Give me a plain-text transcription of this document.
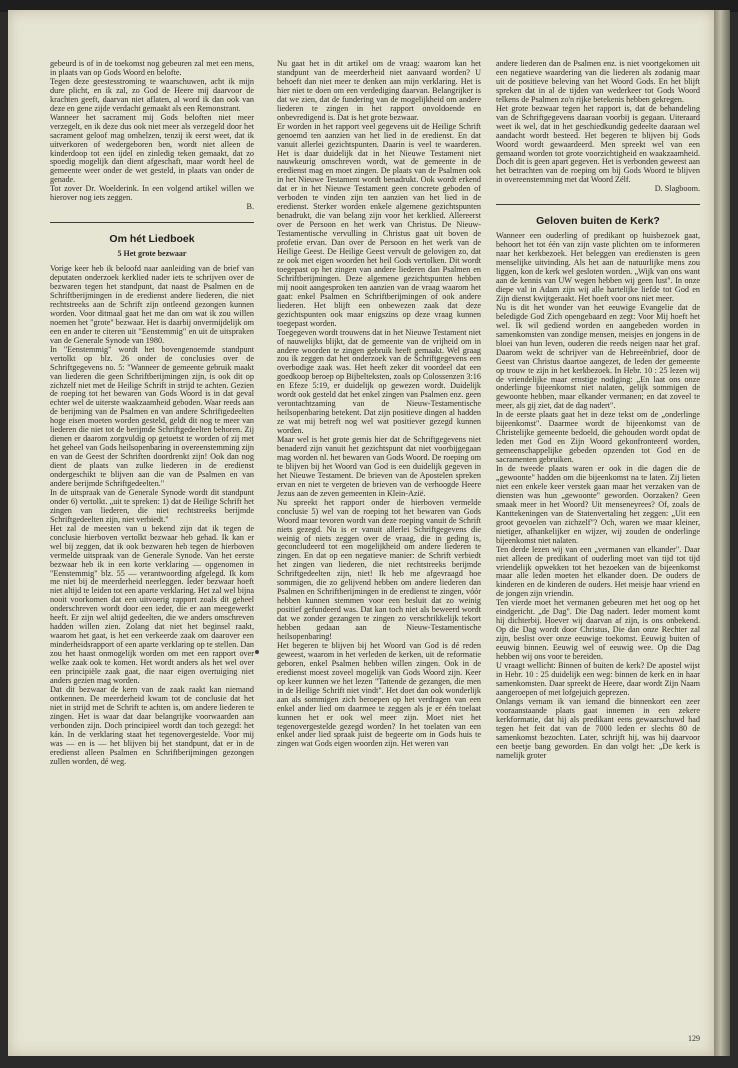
gebeurd is of in de toekomst nog gebeuren zal met een mens, in plaats van op Gods Woord en belofte.

Tegen deze geestesstroming te waarschuwen, acht ik mijn dure plicht, en ik zal, zo God de Heere mij daarvoor de krachten geeft, daarvan niet aflaten, al word ik dan ook van deze en gene zijde verdacht gemaakt als een Remonstrant.

Wanneer het sacrament mij Gods beloften niet meer verzegelt, en ik deze dus ook niet meer als verzegeld door het sacrament geloof mag omhelzen, tenzij ik eerst weet, dat ik uitverkoren of wedergeboren ben, wordt niet alleen de kinderdoop tot een ijdel en zinledig teken gemaakt, dat zo spoedig mogelijk dan dient afgeschaft, maar wordt heel de gemeente weer onder de wet gesteld, in plaats van onder de genade.

Tot zover Dr. Woelderink. In een volgend artikel willen we hierover nog iets zeggen.

B.

Om hét Liedboek
5 Het grote bezwaar

Vorige keer heb ik beloofd naar aanleiding van de brief van deputaten onderzoek kerklied nader iets te schrijven over de bezwaren tegen het standpunt, dat naast de Psalmen en de Schriftberijmingen in de eredienst andere liederen, die niet rechtstreeks aan de Schrift zijn ontleend gezongen kunnen worden. Voor ditmaal gaat het me dan om wat ik zou willen noemen het "grote" bezwaar. Het is daarbij onvermijdelijk om een en ander te citeren uit "Eenstemmig" en uit de uitspraken van de Generale Synode van 1980.

In "Eenstemmig" wordt het bovengenoemde standpunt vertolkt op blz. 26 onder de conclusies over de Schriftgegevens no. 5: "Wanneer de gemeente gebruik maakt van liederen die geen Schriftberijmingen zijn, is ook dit op zichzelf niet met de Heilige Schrift in strijd te achten. Gezien de roeping tot het bewaren van Gods Woord is in dat geval echter wel de uiterste waakzaamheid geboden. Waar reeds aan de berijming van de Psalmen en van andere Schriftgedeelten hoge eisen moeten worden gesteld, geldt dit nog te meer van liederen die niet tot de berijmde Schriftgedeelten behoren. Zij dienen er daarom zorgvuldig op getoetst te worden of zij met het geheel van Gods heilsopenbaring in overeenstemming zijn en van de Geest der Schriften doordrenkt zijn! Ook dan nog dient de plaats van zulke liederen in de eredienst ondergeschikt te blijven aan die van de Psalmen en van andere berijmde Schriftgedeelten."

In de uitspraak van de Generale Synode wordt dit standpunt onder 6) vertolkt. „uit te spreken: 1) dat de Heilige Schrift het zingen van liederen, die niet rechtstreeks berijmde Schriftgedeelten zijn, niet verbiedt."

Het zal de meesten van u bekend zijn dat ik tegen de conclusie hierboven vertolkt bezwaar heb gehad. Ik kan er wel bij zeggen, dat ik ook bezwaren heb tegen de hierboven vermelde uitspraak van de Generale Synode. Van het eerste bezwaar heb ik in een korte verklaring — opgenomen in "Eenstemmig" blz. 55 — verantwoording afgelegd. Ik kom me niet bij de meerderheid neerleggen. Ieder bezwaar hoeft niet altijd te leiden tot een aparte verklaring. Het zal wel bijna nooit voorkomen dat een uitvoerig rapport zoals dit geheel onderschreven wordt door een ieder, die er aan meegewerkt heeft. Er zijn wel altijd gedeelten, die we anders omschreven hadden willen zien. Zolang dat niet het beginsel raakt, waarom het gaat, is het een verkeerde zaak om daarover een minderheidsrapport of een aparte verklaring op te stellen. Dan zou het haast onmogelijk worden om met een rapport over welke zaak ook te komen. Het wordt anders als het wel over een principiële zaak gaat, die naar eigen overtuiging niet anders gezien mag worden.

Dat dit bezwaar de kern van de zaak raakt kan niemand ontkennen. De meerderheid kwam tot de conclusie dat het niet in strijd met de Schrift te achten is, om andere liederen te zingen. Het is waar dat daar belangrijke voorwaarden aan verbonden zijn. Doch principieel wordt dan toch gezegd: het kán. In de verklaring staat het tegenovergestelde. Voor mij was — en is — het blijven bij het standpunt, dat er in de eredienst alleen Psalmen en Schriftberijmingen gezongen zullen worden, dé weg.

Nu gaat het in dit artikel om de vraag: waarom kan het standpunt van de meerderheid niet aanvaard worden? U behoeft dan niet meer te denken aan mijn verklaring. Het is hier niet te doen om een verdediging daarvan. Belangrijker is dat we zien, dat de fundering van de mogelijkheid om andere liederen te zingen in het rapport onvoldoende en onbevredigend is. Dat is het grote bezwaar.

Er worden in het rapport veel gegevens uit de Heilige Schrift genoemd ten aanzien van het lied in de eredienst. En dat vanuit allerlei gezichtspunten. Daarin is veel te waarderen. Het is daar duidelijk dat in het Nieuwe Testament niet nauwkeurig omschreven wordt, wat de gemeente in de eredienst mag en moet zingen. De plaats van de Psalmen ook in het Nieuwe Testament wordt benadrukt. Ook wordt erkend dat er in het Nieuwe Testament geen concrete geboden of verboden te vinden zijn ten aanzien van het lied in de eredienst. Sterker worden enkele algemene gezichtspunten benadrukt, die van belang zijn voor het kerklied. Allereerst over de Persoon en het werk van Christus. De Nieuw-Testamentische vervulling in Christus gaat uit boven de profetie ervan. Dan over de Persoon en het werk van de Heilige Geest. De Heilige Geest vervult de gelovigen zo, dat ze ook met eigen woorden het heil Gods vertolken. Dit wordt toegepast op het zingen van andere liederen dan Psalmen en Schriftberijmingen. Deze algemene gezichtspunten hebben mij nooit aangesproken ten aanzien van de vraag waarom het gaat: enkel Psalmen en Schriftberijmingen of ook andere liederen. Het blijft een onbewezen zaak dat deze gezichtspunten ook maar enigszins op deze vraag kunnen toegepast worden.

Toegegeven wordt trouwens dat in het Nieuwe Testament niet of nauwelijks blijkt, dat de gemeente van de vrijheid om in andere woorden te zingen gebruik heeft gemaakt. Wel graag zou ik zeggen dat het onderzoek van de Schriftgegevens een overbodige zaak was. Het heeft zeker dit voordeel dat een goedkoop beroep op Bijbelteksten, zoals op Colossenzen 3:16 en Efeze 5:19, er duidelijk op gewezen wordt. Duidelijk wordt ook gesteld dat het enkel zingen van Psalmen enz. geen verontachtzaming van de Nieuw-Testamentische heilsopenbaring betekent. Dat zijn positieve dingen al hadden ze wat mij betreft nog wel wat positiever gezegd kunnen worden.

Maar wel is het grote gemis hier dat de Schriftgegevens niet benaderd zijn vanuit het gezichtspunt dat niet voorbijgegaan mag worden nl. het bewaren van Gods Woord. De roeping om te blijven bij het Woord van God is een duidelijk gegeven in het Nieuwe Testament. De brieven van de Apostelen spreken ervan en niet te vergeten de brieven van de verhoogde Heere Jezus aan de zeven gemeenten in Klein-Azië.

Nu spreekt het rapport onder de hierboven vermelde conclusie 5) wel van de roeping tot het bewaren van Gods Woord maar tevoren wordt van deze roeping vanuit de Schrift niets gezegd. Nu is er vanuit allerlei Schriftgegevens die weinig of niets zeggen over de vraag, die in geding is, geconcludeerd tot een mogelijkheid om andere liederen te zingen. En dat op een negatieve manier: de Schrift verbiedt het zingen van liederen, die niet rechtstreeks berijmde Schriftgedeelten zijn, niet! Ik heb me afgevraagd hoe sommigen, die zo gelijvend hebben om andere liederen dan Psalmen en Schriftberijmingen in de eredienst te zingen, vóór hebben kunnen stemmen voor een besluit dat zo weinig positief gefundeerd was. Dat kan toch niet als beweerd wordt dat we zonder gezangen te zingen zo verschrikkelijk tekort hebben gedaan aan de Nieuw-Testamentische heilsopenbaring!

Het begeren te blijven bij het Woord van God is dé reden geweest, waarom in het verleden de kerken, uit de reformatie geboren, enkel Psalmen hebben willen zingen. Ook in de eredienst moest zoveel mogelijk van Gods Woord zijn. Keer op keer kunnen we het lezen "Tattende de gezangen, die men in de Heilige Schrift niet vindt". Het doet dan ook wonderlijk aan als sommigen zich beroepen op het verdragen van een enkel ander lied om daarmee te zeggen als je er één toelaat kunnen het er ook wel meer zijn. Moet niet het tegenovergestelde gezegd worden? In het toelaten van een enkel ander lied spraak juist de begeerte om in Gods huis te zingen wat Gods eigen woorden zijn. Het weren van

andere liederen dan de Psalmen enz. is niet voortgekomen uit een negatieve waardering van die liederen als zodanig maar uit de positieve beleving van het Woord Gods. En het blijft spreken dat in al de tijden van wederkeer tot Gods Woord telkens de Psalmen zo'n rijke betekenis hebben gekregen.

Het grote bezwaar tegen het rapport is, dat de behandeling van de Schriftgegevens daaraan voorbij is gegaan. Uiteraard weet ik wel, dat in het geschiedkundig gedeelte daaraan wel aandacht wordt besteed. Het begeren te blijven bij Gods Woord wordt gewaardeerd. Men spreekt wel van een gemaand worden tot grote voorzichtigheid en waakzaamheid. Doch dit is geen apart gegeven. Het is verbonden geweest aan het betrachten van de roeping om bij Gods Woord te blijven in overeenstemming met dat Woord Zélf.

D. Slagboom.

Geloven buiten de Kerk?

Wanneer een ouderling of predikant op huisbezoek gaat, behoort het tot één van zijn vaste plichten om te informeren naar het kerkbezoek. Het beleggen van erediensten is geen menselijke uitvinding. Als het aan de natuurlijke mens zou liggen, kon de kerk wel gesloten worden. „Wijk van ons want aan de kennis van UW wegen hebben wij geen lust". In onze diepe val in Adam zijn wij alle hartelijke liefde tot God en Zijn dienst kwijtgeraakt. Het hoeft voor ons niet meer.

Nu is dit het wonder van het eeuwige Evangelie dat de beledigde God Zich opengebaard en zegt: Voor Mij hoeft het wel. Ik wil gediend worden en aangebeden worden in samenkomsten van zondige mensen, meisjes en jongens in de bloei van hun leven, ouderen die reeds neigen naar het graf. Daarom wekt de schrijver van de Hebreeënbrief, door de Geest van Christus daartoe aangezet, de leden der gemeente op trouw te zijn in het kerkbezoek. In Hebr. 10 : 25 lezen wij de vriendelijke maar ernstige nodiging: „En laat ons onze onderlinge bijeenkomst niet nalaten, gelijk sommigen de gewoonte hebben, maar elkander vermanen; en dat zoveel te meer, als gij ziet, dat de dag nadert".

In de eerste plaats gaat het in deze tekst om de „onderlinge bijeenkomst". Daarmee wordt de bijeenkomst van de Christelijke gemeente bedoeld, die gehouden wordt opdat de leden met God en Zijn Woord gekonfronteerd worden, gemeenschappelijke gebeden opzenden tot God en de sacramenten gebruiken.

In de tweede plaats waren er ook in die dagen die de „gewoonte" hadden om die bijeenkomst na te laten. Zij lieten niet een enkele keer verstek gaan maar het verzaken van de diensten was hun „gewoonte" geworden. Oorzaken? Geen smaak meer in het Woord? Uit menseneyrees? Of, zoals de Kanttekeningen van de Statenvertaling het zeggen: „Uit een groot gevoelen van zichzelf"? Och, waren we maar kleiner, nietiger, afhankelijker en wijzer, wij zouden de onderlinge bijeenkomst niet nalaten.

Ten derde lezen wij van een „vermanen van elkander". Daar niet alleen de predikant of ouderling moet van tijd tot tijd vriendelijk opwekken tot het bezoeken van de bijeenkomst maar alle leden moeten het elkander doen. De ouders de kinderen en de kinderen de ouders. Het meisje haar vriend en de jongen zijn vriendin.

Ten vierde moet het vermanen gebeuren met het oog op het eindgericht. „de Dag". Die Dag nadert. Ieder moment komt hij dichterbij. Hoever wij daarvan af zijn, is ons onbekend. Op die Dag wordt door Christus, Die dan onze Rechter zal zijn, beslist over onze eeuwige toekomst. Eeuwig buiten of eeuwig binnen. Eeuwig wel of eeuwig wee. Op die Dag hebben wij ons voor te bereiden.

U vraagt wellicht: Binnen of buiten de kerk? De apostel wijst in Hebr. 10 : 25 duidelijk een weg: binnen de kerk en in haar samenkomsten. Daar spreekt de Heere, daar wordt Zijn Naam aangeroepen of met lofgejuich geprezen.

Onlangs vernam ik van iemand die binnenkort een zeer vooraanstaande plaats gaat innemen in een zekere kerkformatie, dat hij als predikant eens gewaarschuwd had tegen het feit dat van de 7000 leden er slechts 80 de samenkomst bezochten. Later, schrijft hij, was hij daarvoor een beetje bang geworden. En dan volgt het: „De kerk is namelijk groter

129
